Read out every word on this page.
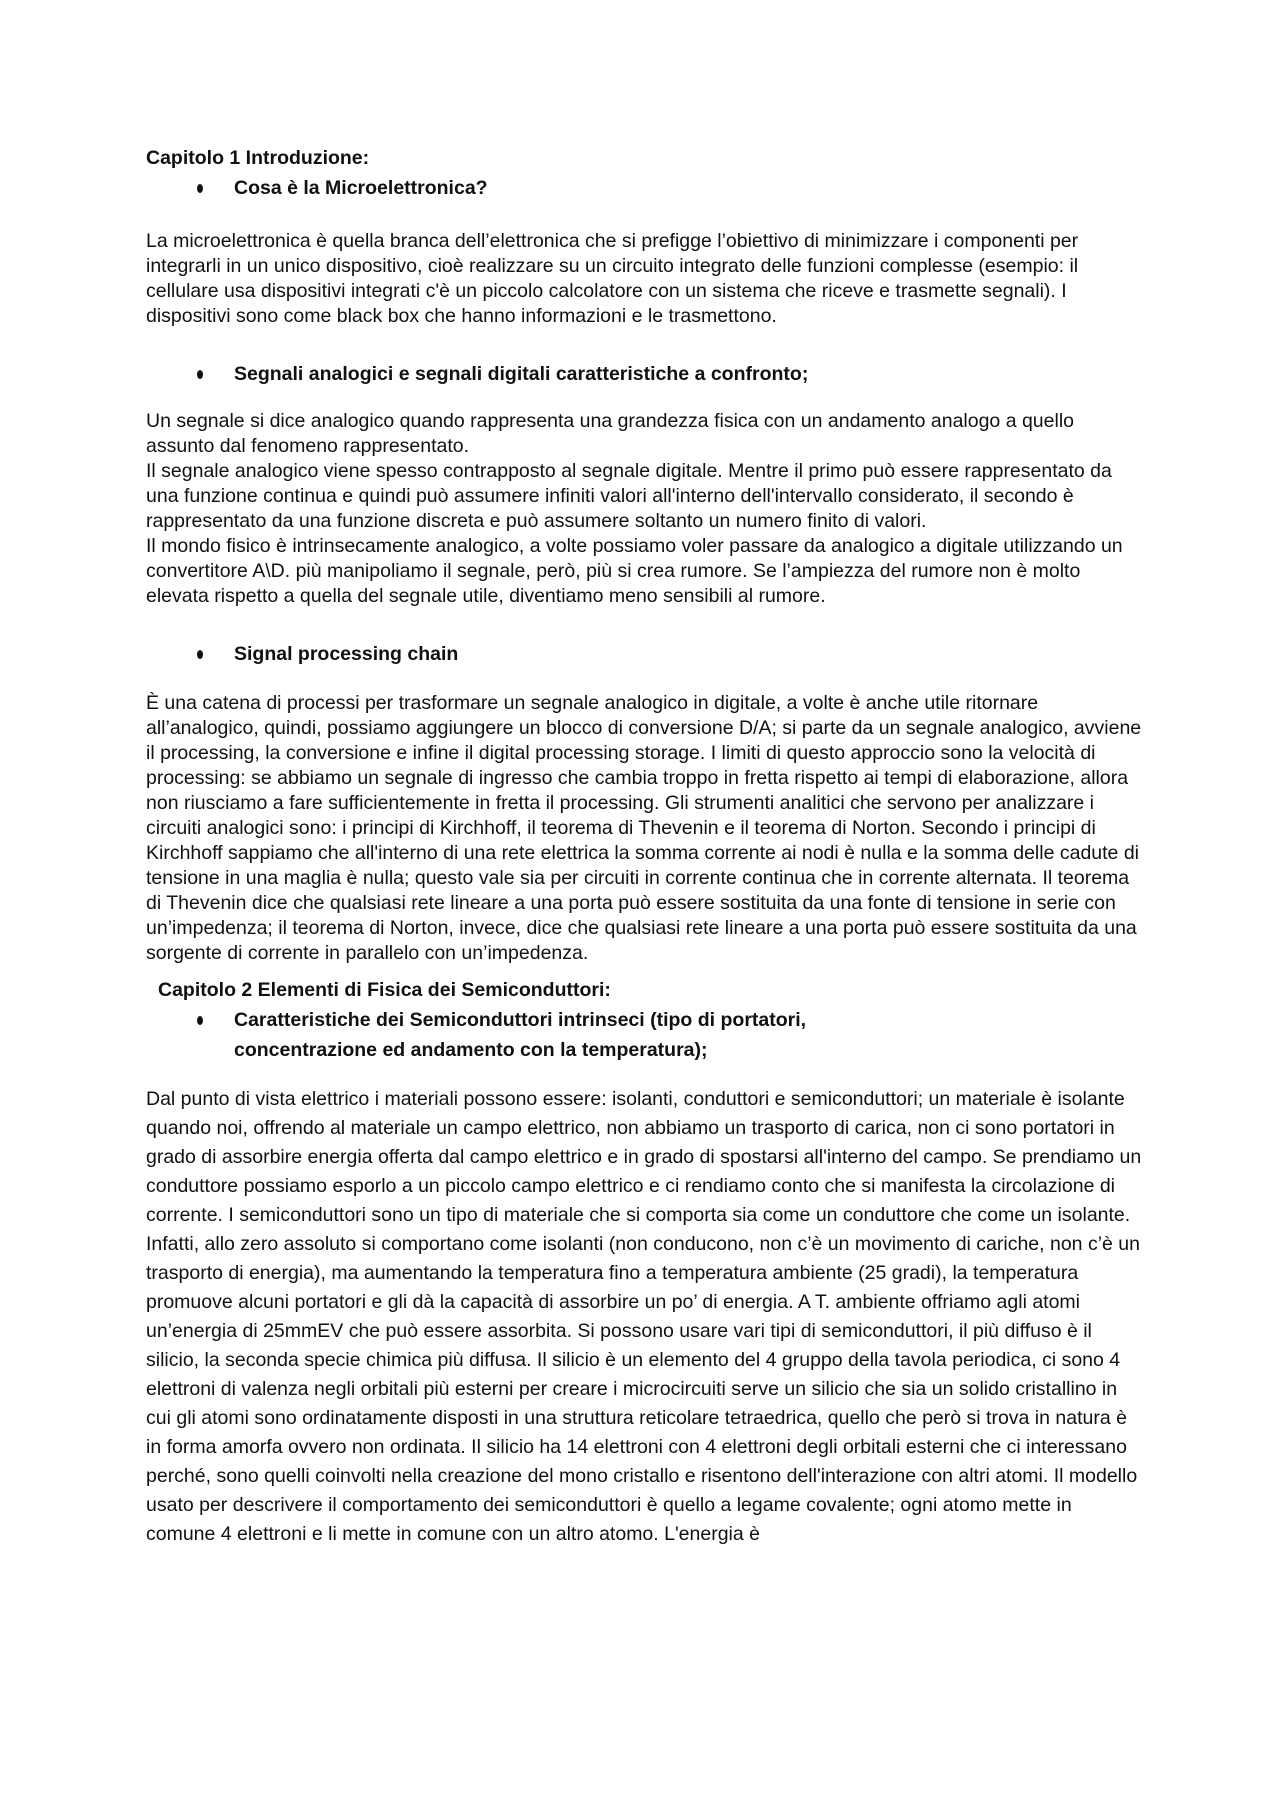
Capitolo 1 Introduzione:

Cosa è la Microelettronica?

La microelettronica è quella branca dell’elettronica che si prefigge l’obiettivo di minimizzare i componenti per integrarli in un unico dispositivo, cioè realizzare su un circuito integrato delle funzioni complesse (esempio: il cellulare usa dispositivi integrati c'è un piccolo calcolatore con un sistema che riceve e trasmette segnali). I dispositivi sono come black box che hanno informazioni e le trasmettono.

Segnali analogici e segnali digitali caratteristiche a confronto;

Un segnale si dice analogico quando rappresenta una grandezza fisica con un andamento analogo a quello assunto dal fenomeno rappresentato.

Il segnale analogico viene spesso contrapposto al segnale digitale. Mentre il primo può essere rappresentato da una funzione continua e quindi può assumere infiniti valori all'interno dell'intervallo considerato, il secondo è rappresentato da una funzione discreta e può assumere soltanto un numero finito di valori.

Il mondo fisico è intrinsecamente analogico, a volte possiamo voler passare da analogico a digitale utilizzando un convertitore A\D. più manipoliamo il segnale, però, più si crea rumore. Se l’ampiezza del rumore non è molto elevata rispetto a quella del segnale utile, diventiamo meno sensibili al rumore.

Signal processing chain

È una catena di processi per trasformare un segnale analogico in digitale, a volte è anche utile ritornare all’analogico, quindi, possiamo aggiungere un blocco di conversione D/A; si parte da un segnale analogico, avviene il processing, la conversione e infine il digital processing storage. I limiti di questo approccio sono la velocità di processing: se abbiamo un segnale di ingresso che cambia troppo in fretta rispetto ai tempi di elaborazione, allora non riusciamo a fare sufficientemente in fretta il processing. Gli strumenti analitici che servono per analizzare i circuiti analogici sono: i principi di Kirchhoff, il teorema di Thevenin e il teorema di Norton. Secondo i principi di Kirchhoff sappiamo che all'interno di una rete elettrica la somma corrente ai nodi è nulla e la somma delle cadute di tensione in una maglia è nulla; questo vale sia per circuiti in corrente continua che in corrente alternata. Il teorema di Thevenin dice che qualsiasi rete lineare a una porta può essere sostituita da una fonte di tensione in serie con un’impedenza; il teorema di Norton, invece, dice che qualsiasi rete lineare a una porta può essere sostituita da una sorgente di corrente in parallelo con un’impedenza.

Capitolo 2 Elementi di Fisica dei Semiconduttori:

Caratteristiche dei Semiconduttori intrinseci (tipo di portatori,
concentrazione ed andamento con la temperatura);

Dal punto di vista elettrico i materiali possono essere: isolanti, conduttori e semiconduttori; un materiale è isolante quando noi, offrendo al materiale un campo elettrico, non abbiamo un trasporto di carica, non ci sono portatori in grado di assorbire energia offerta dal campo elettrico e in grado di spostarsi all'interno del campo. Se prendiamo un conduttore possiamo esporlo a un piccolo campo elettrico e ci rendiamo conto che si manifesta la circolazione di corrente. I semiconduttori sono un tipo di materiale che si comporta sia come un conduttore che come un isolante. Infatti, allo zero assoluto si comportano come isolanti (non conducono, non c’è un movimento di cariche, non c’è un trasporto di energia), ma aumentando la temperatura fino a temperatura ambiente (25 gradi), la temperatura promuove alcuni portatori e gli dà la capacità di assorbire un po’ di energia. A T. ambiente offriamo agli atomi un’energia di 25mmEV che può essere assorbita. Si possono usare vari tipi di semiconduttori, il più diffuso è il silicio, la seconda specie chimica più diffusa. Il silicio è un elemento del 4 gruppo della tavola periodica, ci sono 4 elettroni di valenza negli orbitali più esterni per creare i microcircuiti serve un silicio che sia un solido cristallino in cui gli atomi sono ordinatamente disposti in una struttura reticolare tetraedrica, quello che però si trova in natura è in forma amorfa ovvero non ordinata. Il silicio ha 14 elettroni con 4 elettroni degli orbitali esterni che ci interessano perché, sono quelli coinvolti nella creazione del mono cristallo e risentono dell'interazione con altri atomi. Il modello usato per descrivere il comportamento dei semiconduttori è quello a legame covalente; ogni atomo mette in comune 4 elettroni e li mette in comune con un altro atomo. L'energia è
